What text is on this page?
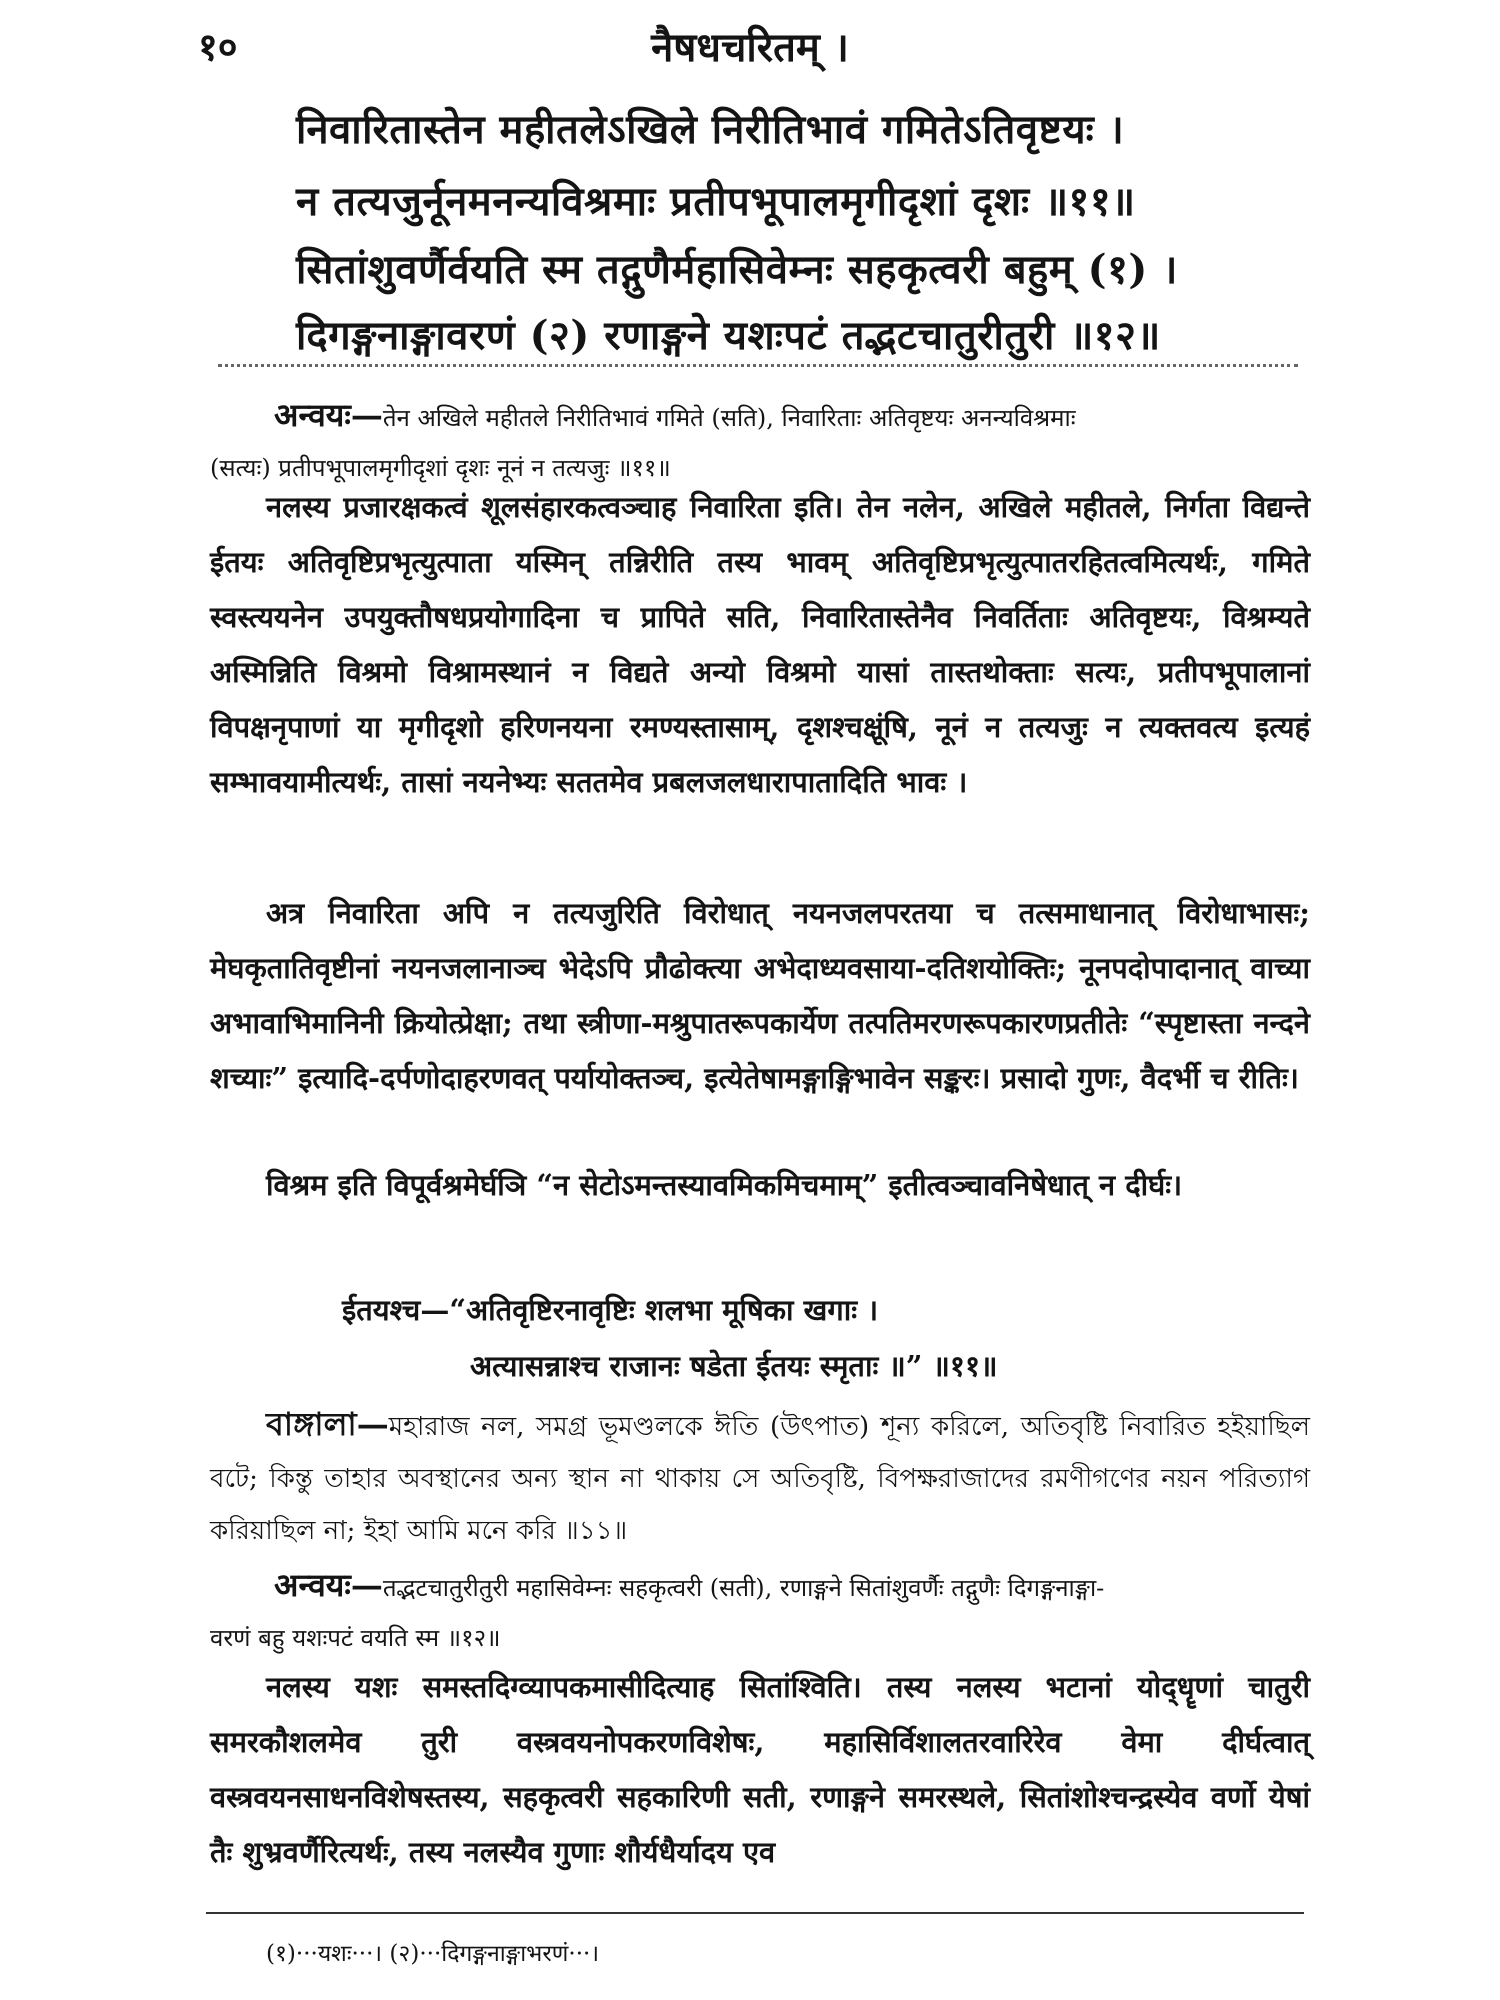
१०	नैषधचरितम् ।
निवारितास्तेन महीतलेऽखिले निरीतिभावं गमितेऽतिवृष्टयः ।
न तत्यजुर्नूनमनन्यविश्रमाः प्रतीपभूपालमृगीदृशां दृशः ॥११॥
सितांशुवर्णैर्वयति स्म तद्गुणैर्महासिवेम्नः सहकृत्वरी बहुम् (१) ।
दिगङ्गनाङ्गावरणं (२) रणाङ्गने यशःपटं तद्भटचातुरीतुरी ॥१२॥
अन्वयः—तेन अखिले महीतले निरीतिभावं गमिते (सति), निवारिताः अतिवृष्टयः अनन्यविश्रमाः
(सत्यः) प्रतीपभूपालमृगीदृशां दृशः नूनं न तत्यजुः ॥११॥
नलस्य प्रजारक्षकत्वं शूलसंहारकत्वञ्चाह निवारिता इति। तेन नलेन, अखिले महीतले, निर्गता विद्यन्ते ईतयः अतिवृष्टिप्रभृत्युत्पाता यस्मिन् तन्निरीति तस्य भावम् अतिवृष्टिप्रभृत्युत्पातरहितत्वमित्यर्थः, गमिते स्वस्त्ययनेन उपयुक्तौषधप्रयोगादिना च प्रापिते सति, निवारितास्तेनैव निवर्तिताः अतिवृष्टयः, विश्रम्यते अस्मिन्निति विश्रमो विश्रामस्थानं न विद्यते अन्यो विश्रमो यासां तास्तथोक्ताः सत्यः, प्रतीपभूपालानां विपक्षनृपाणां या मृगीदृशो हरिणनयना रमण्यस्तासाम्, दृशश्चक्षूंषि, नूनं न तत्यजुः न त्यक्तवत्य इत्यहं सम्भावयामीत्यर्थः, तासां नयनेभ्यः सततमेव प्रबलजलधारापातादिति भावः ।
अत्र निवारिता अपि न तत्यजुरिति विरोधात् नयनजलपरतया च तत्समाधानात् विरोधाभासः; मेघकृतातिवृष्टीनां नयनजलानाञ्च भेदेऽपि प्रौढोक्त्या अभेदाध्यवसाया-दतिशयोक्तिः; नूनपदोपादानात् वाच्या अभावाभिमानिनी क्रियोत्प्रेक्षा; तथा स्त्रीणा-मश्रुपातरूपकार्येण तत्पतिमरणरूपकारणप्रतीतेः “स्पृष्टास्ता नन्दने शच्याः” इत्यादि-दर्पणोदाहरणवत् पर्यायोक्तञ्च, इत्येतेषामङ्गाङ्गिभावेन सङ्करः। प्रसादो गुणः, वैदर्भी च रीतिः।
विश्रम इति विपूर्वश्रमेर्घञि “न सेटोऽमन्तस्यावमिकमिचमाम्” इतीत्वञ्चावनिषेधात् न दीर्घः।
ईतयश्च—“अतिवृष्टिरनावृष्टिः शलभा मूषिका खगाः ।
अत्यासन्नाश्च राजानः षडेता ईतयः स्मृताः ॥” ॥११॥
বাঙ্গালা—মহারাজ নল, সমগ্র ভূমণ্ডলকে ঈতি (উৎপাত) শূন্য করিলে, অতিবৃষ্টি নিবারিত হইয়াছিল বটে; কিন্তু তাহার অবস্থানের অন্য স্থান না থাকায় সে অতিবৃষ্টি, বিপক্ষরাজাদের রমণীগণের নয়ন পরিত্যাগ করিয়াছিল না; ইহা আমি মনে করি ॥১১॥
अन्वयः—तद्भटचातुरीतुरी महासिवेम्नः सहकृत्वरी (सती), रणाङ्गने सितांशुवर्णैः तद्गुणैः दिगङ्गनाङ्गा-
वरणं बहु यशःपटं वयति स्म ॥१२॥
नलस्य यशः समस्तदिग्व्यापकमासीदित्याह सितांश्विति। तस्य नलस्य भटानां योद्धॄणां चातुरी समरकौशलमेव तुरी वस्त्रवयनोपकरणविशेषः, महासिर्विशालतरवारिरेव वेमा दीर्घत्वात् वस्त्रवयनसाधनविशेषस्तस्य, सहकृत्वरी सहकारिणी सती, रणाङ्गने समरस्थले, सितांशोश्चन्द्रस्येव वर्णो येषां तैः शुभ्रवर्णैरित्यर्थः, तस्य नलस्यैव गुणाः शौर्यधैर्यादय एव
(१)···यशः···। (२)···दिगङ्गनाङ्गाभरणं···।
